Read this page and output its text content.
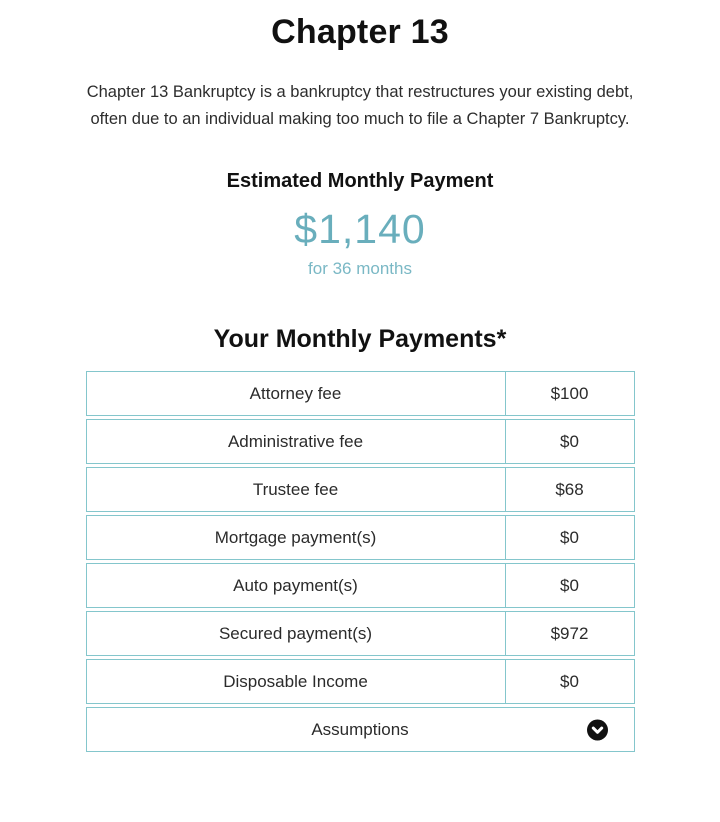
Chapter 13

Chapter 13 Bankruptcy is a bankruptcy that restructures your existing debt, often due to an individual making too much to file a Chapter 7 Bankruptcy.

Estimated Monthly Payment
$1,140
for 36 months
Your Monthly Payments*
Attorney fee	$100
Administrative fee	$0
Trustee fee	$68
Mortgage payment(s)	$0
Auto payment(s)	$0
Secured payment(s)	$972
Disposable Income	$0
Assumptions
